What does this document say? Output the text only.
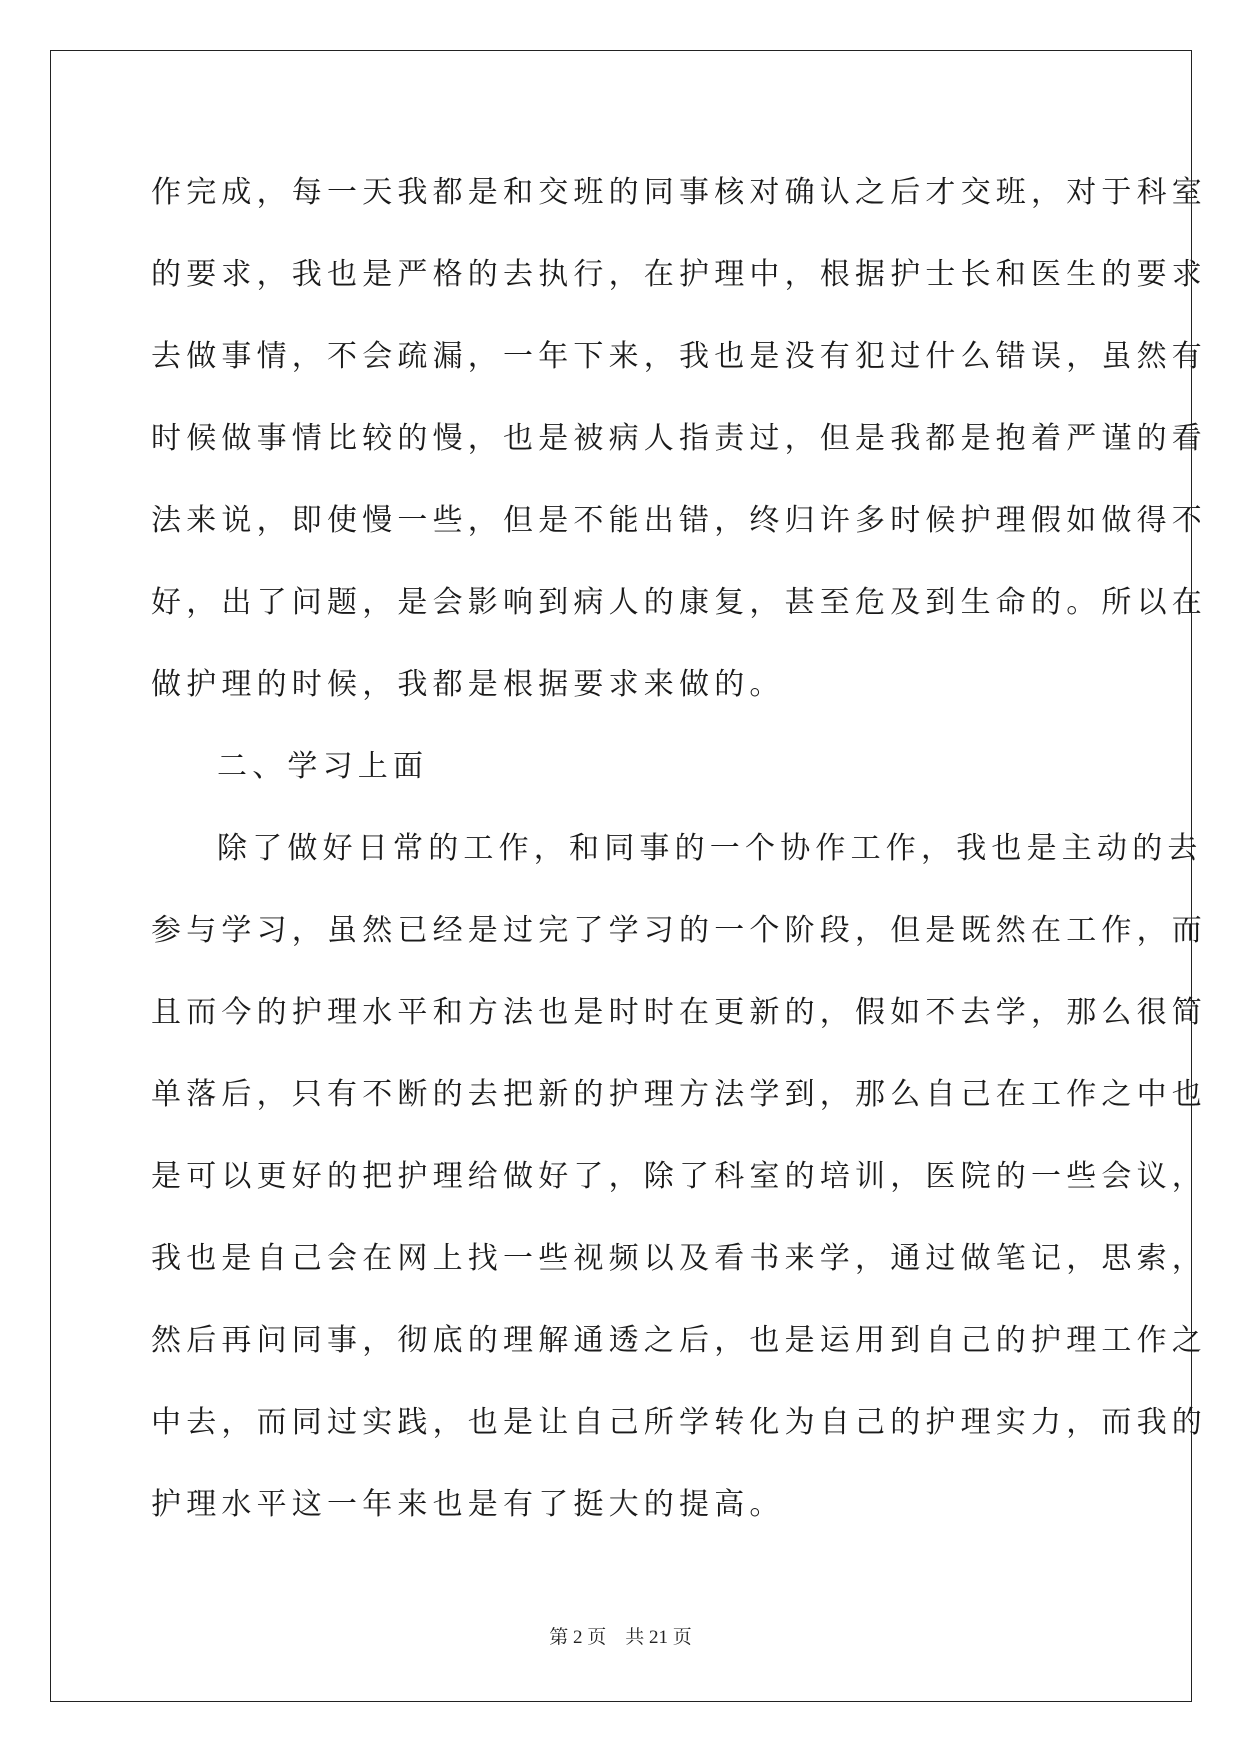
作完成，每一天我都是和交班的同事核对确认之后才交班，对于科室
的要求，我也是严格的去执行，在护理中，根据护士长和医生的要求
去做事情，不会疏漏，一年下来，我也是没有犯过什么错误，虽然有
时候做事情比较的慢，也是被病人指责过，但是我都是抱着严谨的看
法来说，即使慢一些，但是不能出错，终归许多时候护理假如做得不
好，出了问题，是会影响到病人的康复，甚至危及到生命的。所以在
做护理的时候，我都是根据要求来做的。
二、学习上面
除了做好日常的工作，和同事的一个协作工作，我也是主动的去
参与学习，虽然已经是过完了学习的一个阶段，但是既然在工作，而
且而今的护理水平和方法也是时时在更新的，假如不去学，那么很简
单落后，只有不断的去把新的护理方法学到，那么自己在工作之中也
是可以更好的把护理给做好了，除了科室的培训，医院的一些会议，
我也是自己会在网上找一些视频以及看书来学，通过做笔记，思索，
然后再问同事，彻底的理解通透之后，也是运用到自己的护理工作之
中去，而同过实践，也是让自己所学转化为自己的护理实力，而我的
护理水平这一年来也是有了挺大的提高。
第 2 页　共 21 页
